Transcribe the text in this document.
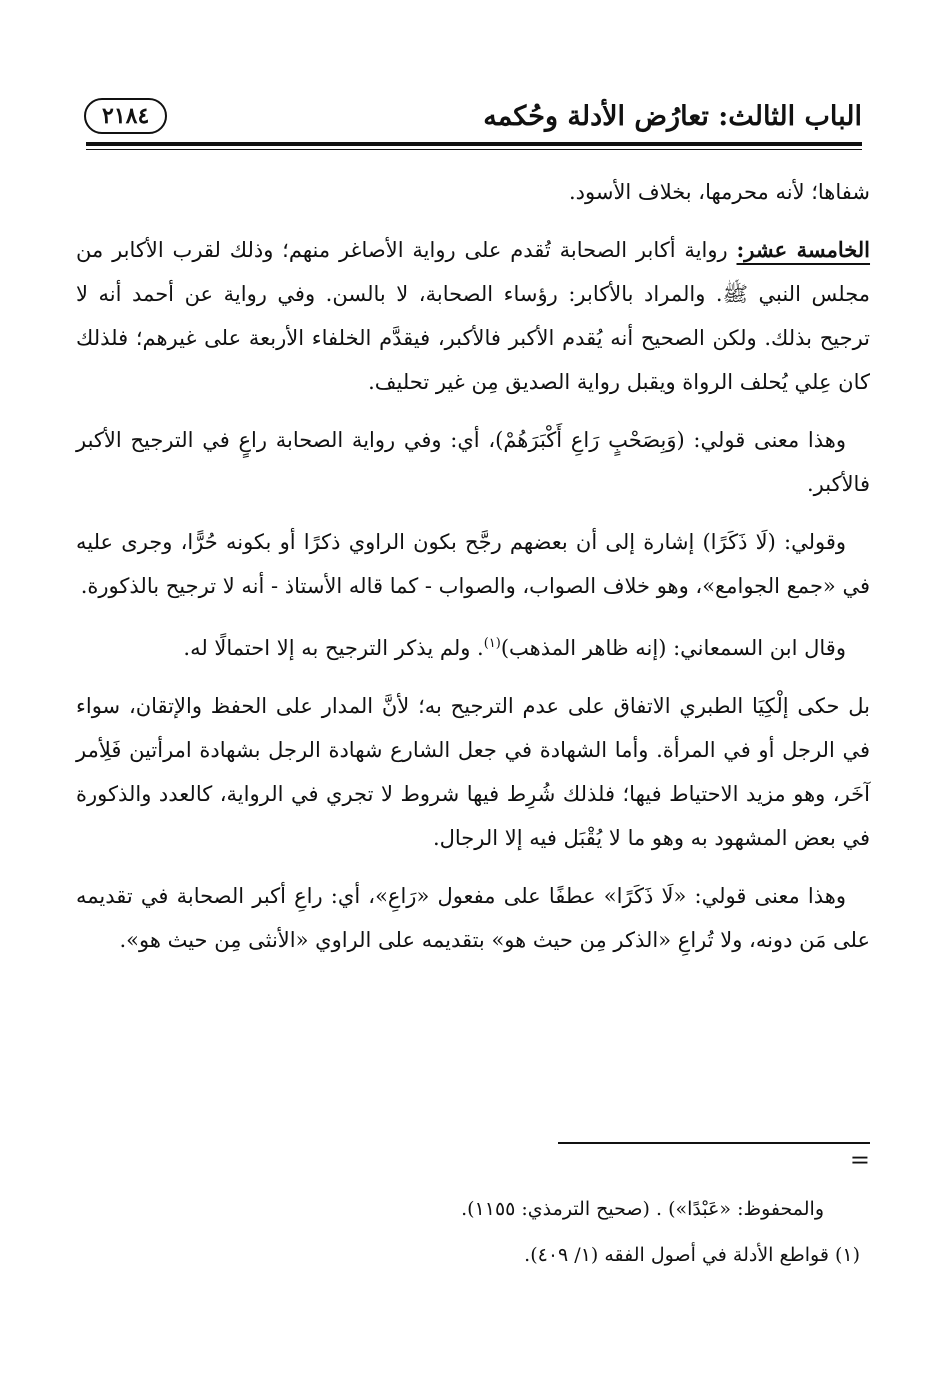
الباب الثالث: تعارُض الأدلة وحُكمه
٢١٨٤

شفاها؛ لأنه محرمها، بخلاف الأسود.

الخامسة عشر: رواية أكابر الصحابة تُقدم على رواية الأصاغر منهم؛ وذلك لقرب الأكابر من مجلس النبي ﷺ. والمراد بالأكابر: رؤساء الصحابة، لا بالسن. وفي رواية عن أحمد أنه لا ترجيح بذلك. ولكن الصحيح أنه يُقدم الأكبر فالأكبر، فيقدَّم الخلفاء الأربعة على غيرهم؛ فلذلك كان عِلي يُحلف الرواة ويقبل رواية الصديق مِن غير تحليف.

وهذا معنى قولي: (وَبِصَحْبٍ رَاعِ أَكْبَرَهُمْ)، أي: وفي رواية الصحابة راعٍ في الترجيح الأكبر فالأكبر.

وقولي: (لَا ذَكَرًا) إشارة إلى أن بعضهم رجَّح بكون الراوي ذكرًا أو بكونه حُرًّا، وجرى عليه في «جمع الجوامع»، وهو خلاف الصواب، والصواب - كما قاله الأستاذ - أنه لا ترجيح بالذكورة.

وقال ابن السمعاني: (إنه ظاهر المذهب)$^{(١)}$. ولم يذكر الترجيح به إلا احتمالًا له.

بل حكى إلْكِيَا الطبري الاتفاق على عدم الترجيح به؛ لأنَّ المدار على الحفظ والإتقان، سواء في الرجل أو في المرأة. وأما الشهادة في جعل الشارع شهادة الرجل بشهادة امرأتين فَلِأمر آخَر، وهو مزيد الاحتياط فيها؛ فلذلك شُرِط فيها شروط لا تجري في الرواية، كالعدد والذكورة في بعض المشهود به وهو ما لا يُقْبَل فيه إلا الرجال.

وهذا معنى قولي: «لَا ذَكَرًا» عطفًا على مفعول «رَاعِ»، أي: راعِ أكبر الصحابة في تقديمه على مَن دونه، ولا تُراعِ «الذكر مِن حيث هو» بتقديمه على الراوي «الأنثى مِن حيث هو».

=
والمحفوظ: «عَبْدًا») . (صحيح الترمذي: ١١٥٥).
(١) قواطع الأدلة في أصول الفقه (١/ ٤٠٩).
